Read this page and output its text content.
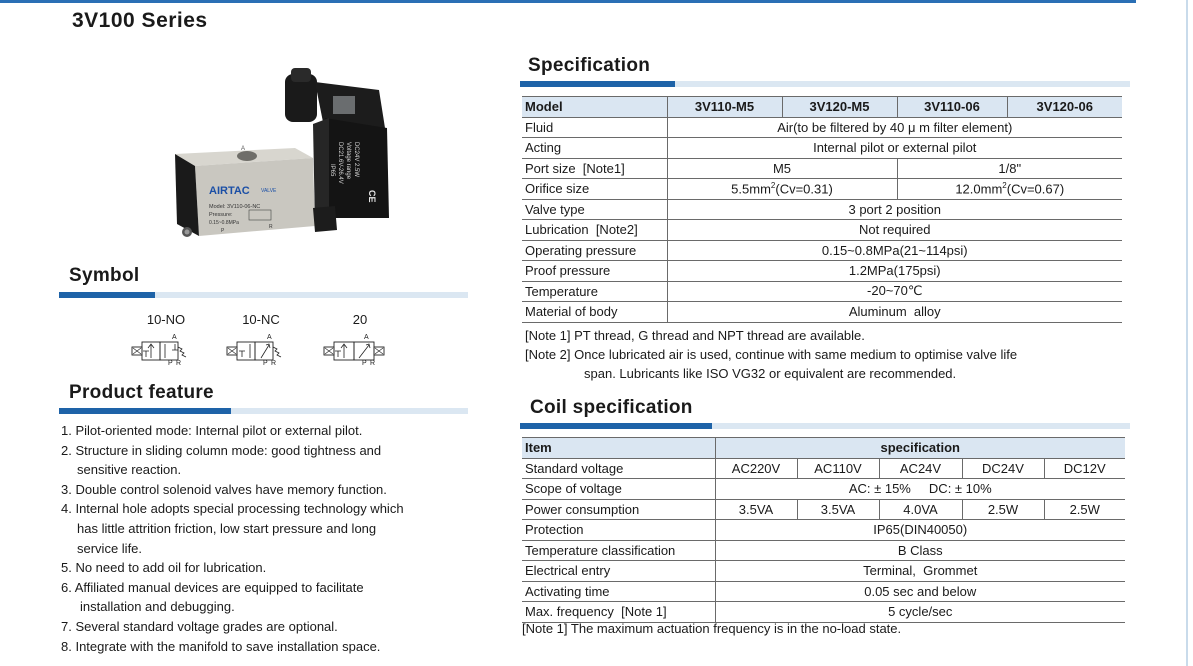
3V100 Series
DC24V 2.5W
Voltage range
DC21.6V-26.4V
IP65
CE
A
AIRTAC VALVE
Model: 3V110-06-NC
Pressure:
0.15~0.8MPa
P
R
Symbol
10-NO
A
P R
10-NC
A
P R
20
A
P R
Product feature
1. Pilot-oriented mode: Internal pilot or external pilot.
2. Structure in sliding column mode: good tightness and
sensitive reaction.
3. Double control solenoid valves have memory function.
4. Internal hole adopts special processing technology which
has little attrition friction, low start pressure and long
service life.
5. No need to add oil for lubrication.
6. Affiliated manual devices are equipped to facilitate
installation and debugging.
7. Several standard voltage grades are optional.
8. Integrate with the manifold to save installation space.
Specification
Model	3V110-M5	3V120-M5	3V110-06	3V120-06
Fluid	Air(to be filtered by 40 μ m filter element)			
Acting	Internal pilot or external pilot			
Port size  [Note1]	M5		1/8"	
Orifice size	$5.5mm^2(Cv=0.31)$		$12.0mm^2(Cv=0.67)$	
Valve type	3 port 2 position			
Lubrication  [Note2]	Not required			
Operating pressure	0.15~0.8MPa(21~114psi)			
Proof pressure	1.2MPa(175psi)			
Temperature	-20~70℃			
Material of body	Aluminum  alloy			
[Note 1] PT thread, G thread and NPT thread are available.
[Note 2] Once lubricated air is used, continue with same medium to optimise valve life
span. Lubricants like ISO VG32 or equivalent are recommended.
Coil specification
Item	specification				
Standard voltage	AC220V	AC110V	AC24V	DC24V	DC12V
Scope of voltage	AC: ± 15%     DC: ± 10%				
Power consumption	3.5VA	3.5VA	4.0VA	2.5W	2.5W
Protection	IP65(DIN40050)				
Temperature classification	B Class				
Electrical entry	Terminal,  Grommet				
Activating time	0.05 sec and below				
Max. frequency  [Note 1]	5 cycle/sec				
[Note 1] The maximum actuation frequency is in the no-load state.
